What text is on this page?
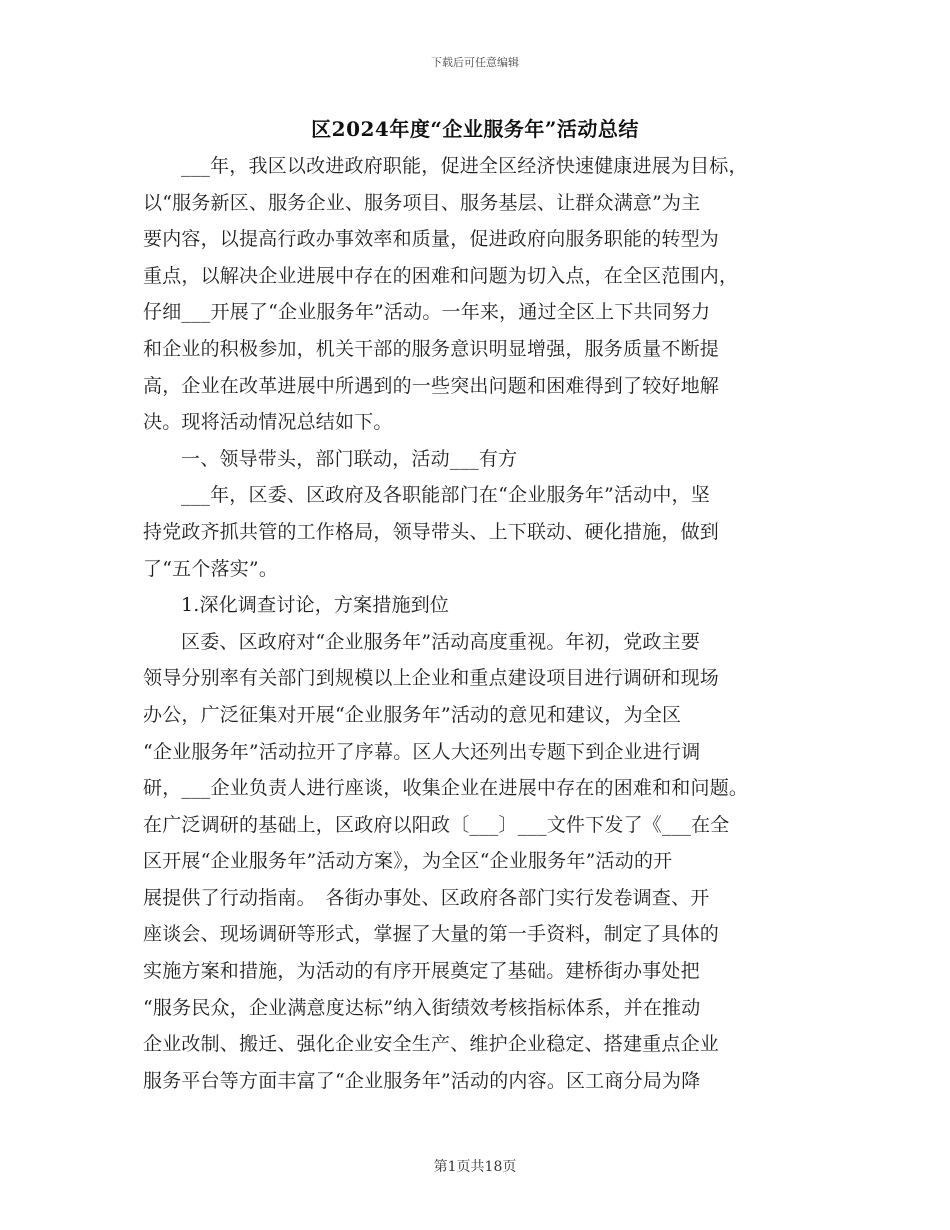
下载后可任意编辑
区2024年度“企业服务年”活动总结
___年，我区以改进政府职能，促进全区经济快速健康进展为目标，
以“服务新区、服务企业、服务项目、服务基层、让群众满意”为主
要内容，以提高行政办事效率和质量，促进政府向服务职能的转型为
重点，以解决企业进展中存在的困难和问题为切入点，在全区范围内，
仔细___开展了“企业服务年”活动。一年来，通过全区上下共同努力
和企业的积极参加，机关干部的服务意识明显增强，服务质量不断提
高，企业在改革进展中所遇到的一些突出问题和困难得到了较好地解
决。现将活动情况总结如下。
一、领导带头，部门联动，活动___有方
___年，区委、区政府及各职能部门在“企业服务年”活动中，坚
持党政齐抓共管的工作格局，领导带头、上下联动、硬化措施，做到
了“五个落实”。
1.深化调查讨论，方案措施到位
区委、区政府对“企业服务年”活动高度重视。年初，党政主要
领导分别率有关部门到规模以上企业和重点建设项目进行调研和现场
办公，广泛征集对开展“企业服务年”活动的意见和建议，为全区
“企业服务年”活动拉开了序幕。区人大还列出专题下到企业进行调
研，___企业负责人进行座谈，收集企业在进展中存在的困难和和问题。
在广泛调研的基础上，区政府以阳政〔___〕___文件下发了《___在全
区开展“企业服务年”活动方案》，为全区“企业服务年”活动的开
展提供了行动指南。　各街办事处、区政府各部门实行发卷调查、开
座谈会、现场调研等形式，掌握了大量的第一手资料，制定了具体的
实施方案和措施，为活动的有序开展奠定了基础。建桥街办事处把
“服务民众，企业满意度达标”纳入街绩效考核指标体系，并在推动
企业改制、搬迁、强化企业安全生产、维护企业稳定、搭建重点企业
服务平台等方面丰富了“企业服务年”活动的内容。区工商分局为降
第1页共18页
